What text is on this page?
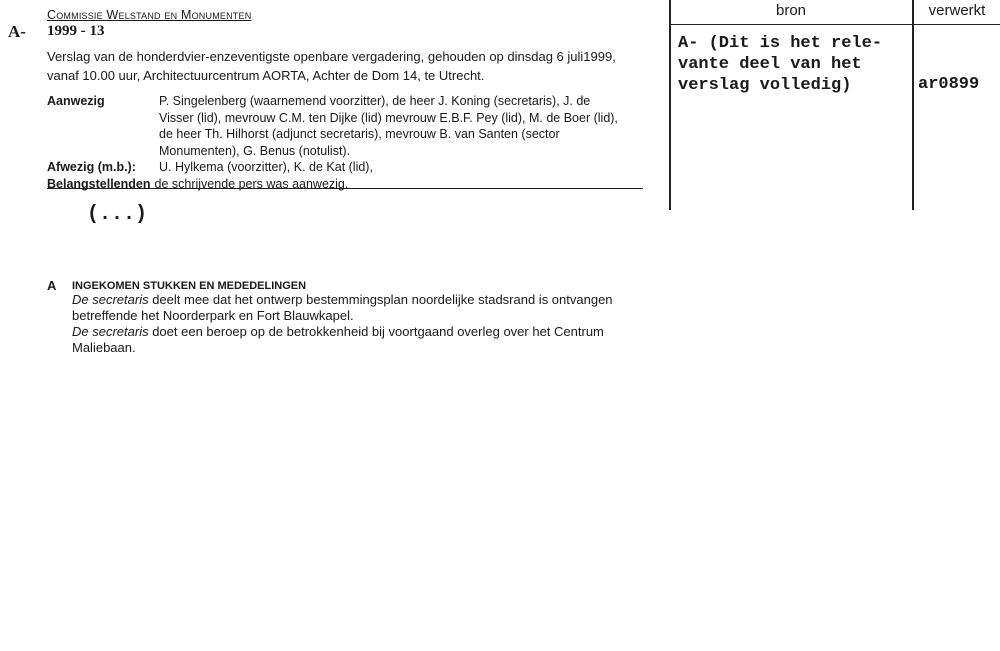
Commissie Welstand en Monumenten
A- 1999 - 13
Verslag van de honderdvier-enzeventigste openbare vergadering, gehouden op dinsdag 6 juli1999, vanaf 10.00 uur, Architectuurcentrum AORTA, Achter de Dom 14, te Utrecht.
Aanwezig	P. Singelenberg (waarnemend voorzitter), de heer J. Koning (secretaris), J. de Visser (lid), mevrouw C.M. ten Dijke (lid) mevrouw E.B.F. Pey (lid), M. de Boer (lid), de heer Th. Hilhorst (adjunct secretaris), mevrouw B. van Santen (sector Monumenten), G. Benus (notulist).
Afwezig (m.b.):	U. Hylkema (voorzitter), K. de Kat (lid),
Belangstellenden de schrijvende pers was aanwezig.
(...)
A INGEKOMEN STUKKEN EN MEDEDELINGEN
De secretaris deelt mee dat het ontwerp bestemmingsplan noordelijke stadsrand is ontvangen betreffende het Noorderpark en Fort Blauwkapel.
De secretaris doet een beroep op de betrokkenheid bij voortgaand overleg over het Centrum Maliebaan.
bron	verwerkt
A- (Dit is het rele-
vante deel van het
verslag volledig)	ar0899
